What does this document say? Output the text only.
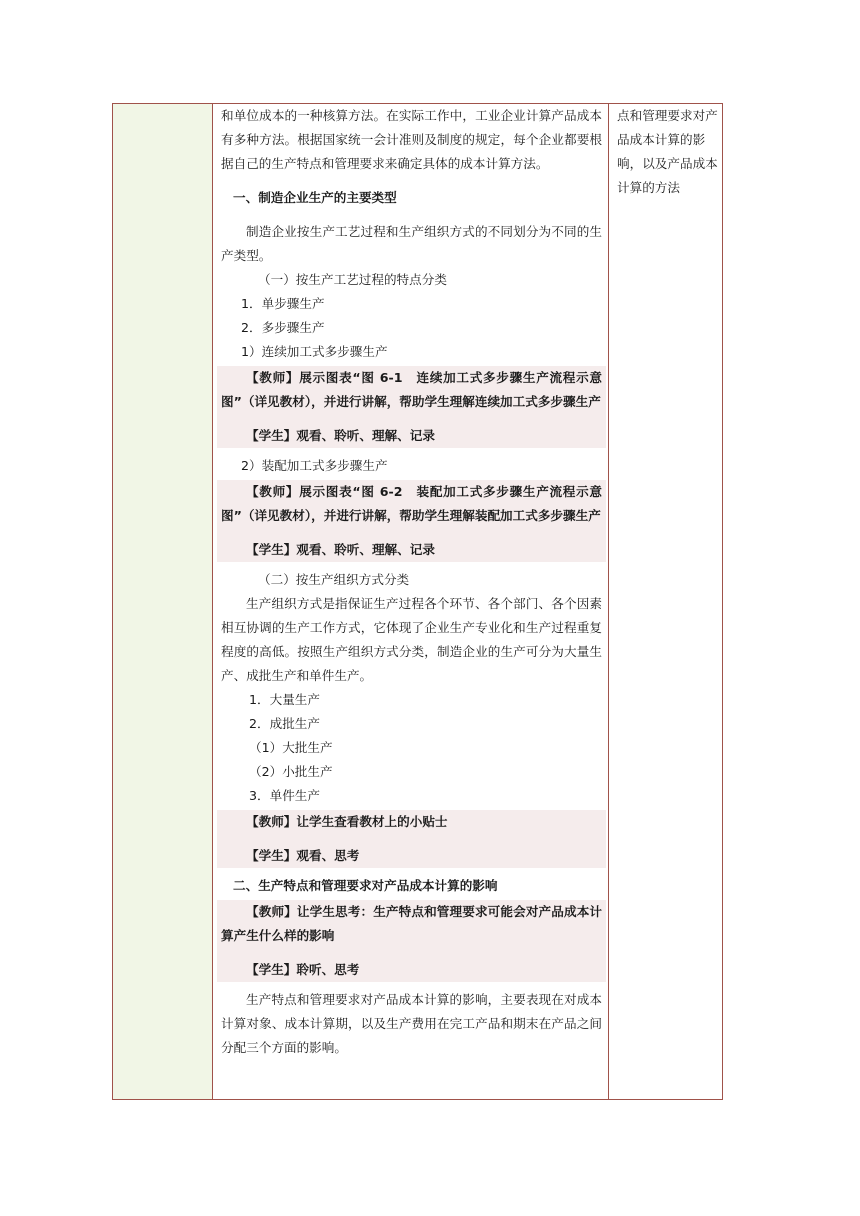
和单位成本的一种核算方法。在实际工作中，工业企业计算产品成本有多种方法。根据国家统一会计准则及制度的规定，每个企业都要根据自己的生产特点和管理要求来确定具体的成本计算方法。

一、制造企业生产的主要类型

制造企业按生产工艺过程和生产组织方式的不同划分为不同的生产类型。

（一）按生产工艺过程的特点分类

1．单步骤生产

2．多步骤生产

1）连续加工式多步骤生产

【教师】展示图表“图 6-1　连续加工式多步骤生产流程示意图”（详见教材），并进行讲解，帮助学生理解连续加工式多步骤生产

【学生】观看、聆听、理解、记录

2）装配加工式多步骤生产

【教师】展示图表“图 6-2　装配加工式多步骤生产流程示意图”（详见教材），并进行讲解，帮助学生理解装配加工式多步骤生产

【学生】观看、聆听、理解、记录

（二）按生产组织方式分类

生产组织方式是指保证生产过程各个环节、各个部门、各个因素相互协调的生产工作方式，它体现了企业生产专业化和生产过程重复程度的高低。按照生产组织方式分类，制造企业的生产可分为大量生产、成批生产和单件生产。

1．大量生产

2．成批生产

（1）大批生产

（2）小批生产

3．单件生产

【教师】让学生查看教材上的小贴士

【学生】观看、思考

二、生产特点和管理要求对产品成本计算的影响

【教师】让学生思考：生产特点和管理要求可能会对产品成本计算产生什么样的影响

【学生】聆听、思考

生产特点和管理要求对产品成本计算的影响，主要表现在对成本计算对象、成本计算期，以及生产费用在完工产品和期末在产品之间分配三个方面的影响。

点和管理要求对产品成本计算的影响，以及产品成本计算的方法
